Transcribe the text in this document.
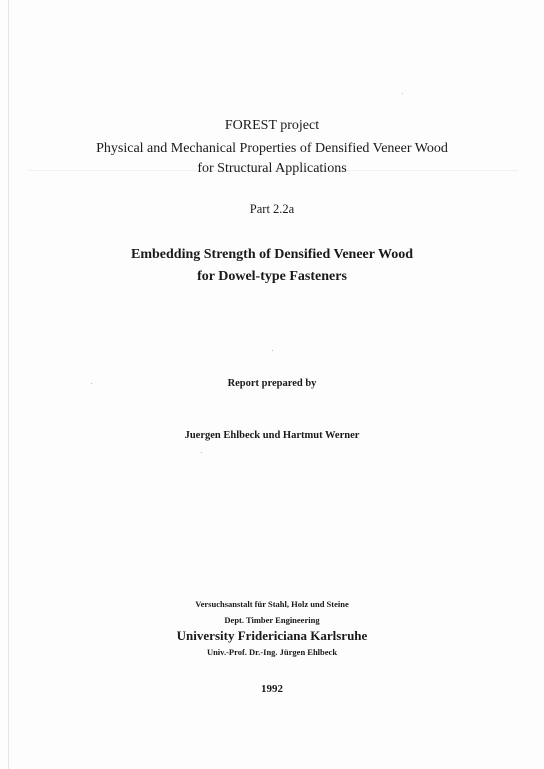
FOREST project
Physical and Mechanical Properties of Densified Veneer Wood
for Structural Applications
Part 2.2a
Embedding Strength of Densified Veneer Wood
for Dowel-type Fasteners
Report prepared by
Juergen Ehlbeck und Hartmut Werner
Versuchsanstalt für Stahl, Holz und Steine
Dept. Timber Engineering
University Fridericiana Karlsruhe
Univ.-Prof. Dr.-Ing. Jürgen Ehlbeck
1992
